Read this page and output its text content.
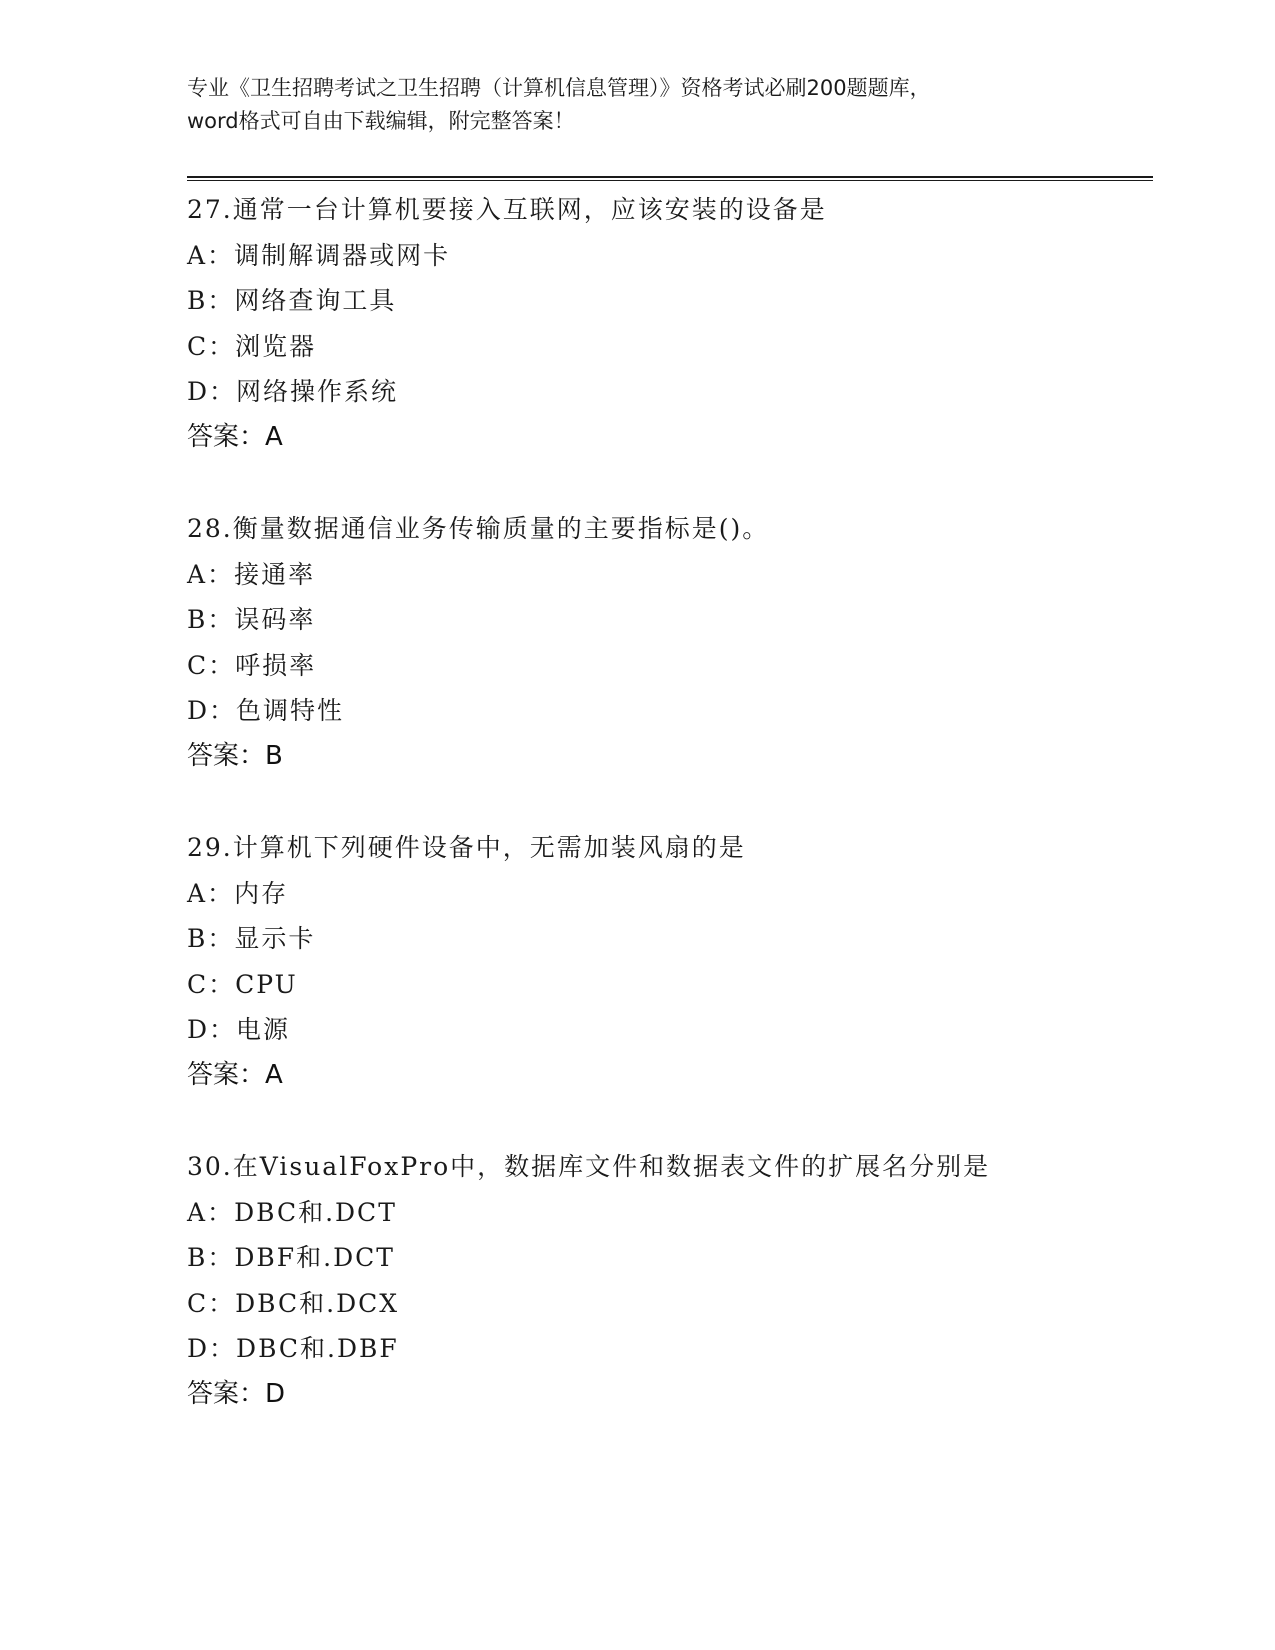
专业《卫生招聘考试之卫生招聘（计算机信息管理）》资格考试必刷200题题库，
word格式可自由下载编辑，附完整答案！
27.通常一台计算机要接入互联网，应该安装的设备是
A：调制解调器或网卡
B：网络查询工具
C：浏览器
D：网络操作系统
答案：A
28.衡量数据通信业务传输质量的主要指标是()。
A：接通率
B：误码率
C：呼损率
D：色调特性
答案：B
29.计算机下列硬件设备中，无需加装风扇的是
A：内存
B：显示卡
C：CPU
D：电源
答案：A
30.在VisualFoxPro中，数据库文件和数据表文件的扩展名分别是
A：DBC和.DCT
B：DBF和.DCT
C：DBC和.DCX
D：DBC和.DBF
答案：D
